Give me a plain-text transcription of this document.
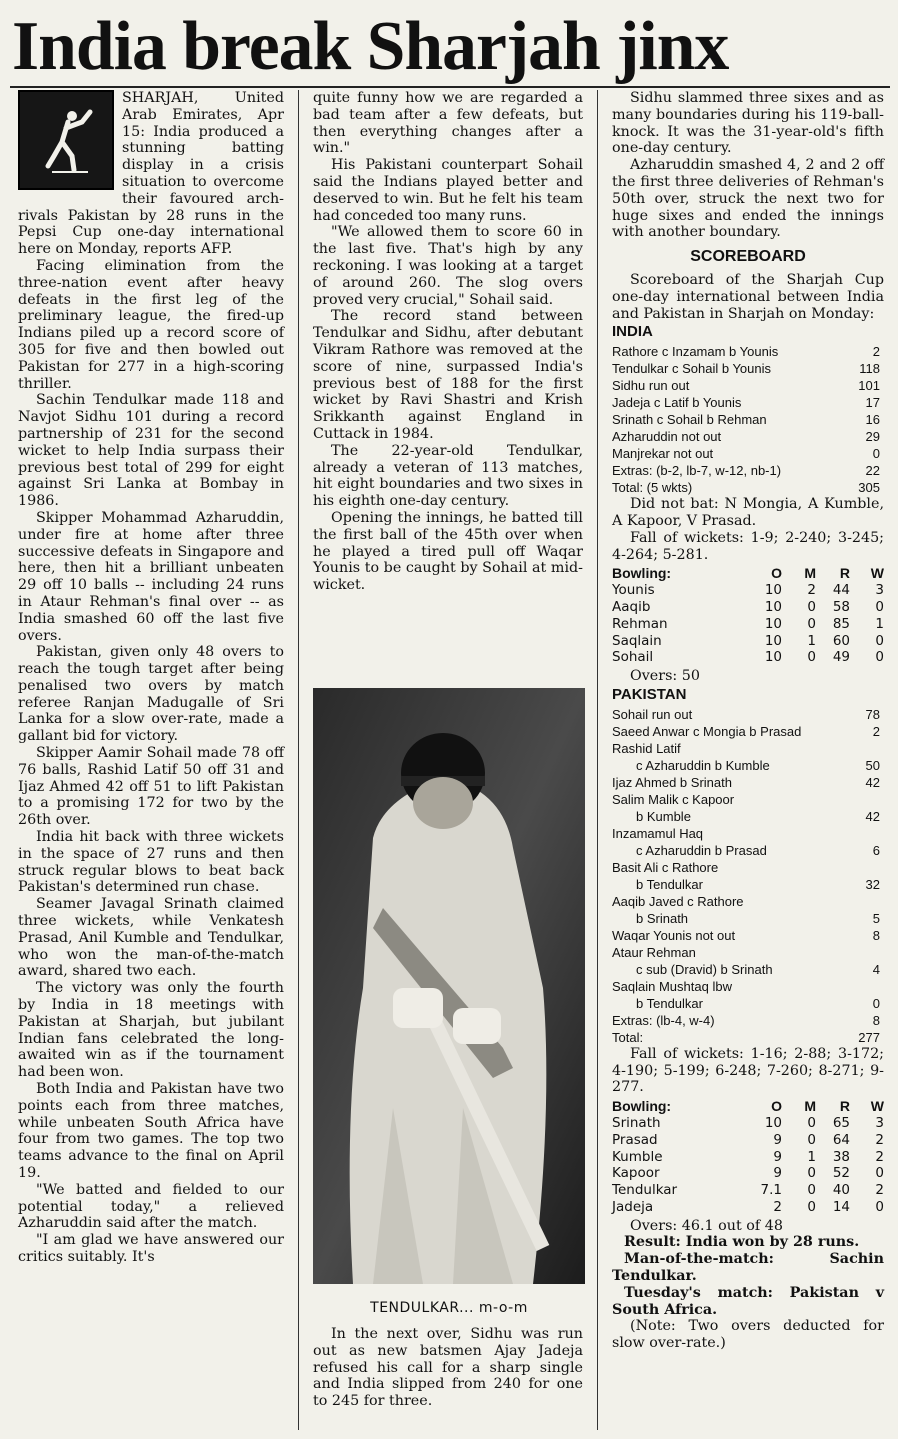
India break Sharjah jinx

SHARJAH, United Arab Emirates, Apr 15: India produced a stunning batting display in a crisis situation to overcome their favoured arch-rivals Pakistan by 28 runs in the Pepsi Cup one-day international here on Monday, reports AFP.

Facing elimination from the three-nation event after heavy defeats in the first leg of the preliminary league, the fired-up Indians piled up a record score of 305 for five and then bowled out Pakistan for 277 in a high-scoring thriller.

Sachin Tendulkar made 118 and Navjot Sidhu 101 during a record partnership of 231 for the second wicket to help India surpass their previous best total of 299 for eight against Sri Lanka at Bombay in 1986.

Skipper Mohammad Azharuddin, under fire at home after three successive defeats in Singapore and here, then hit a brilliant unbeaten 29 off 10 balls -- including 24 runs in Ataur Rehman's final over -- as India smashed 60 off the last five overs.

Pakistan, given only 48 overs to reach the tough target after being penalised two overs by match referee Ranjan Madugalle of Sri Lanka for a slow over-rate, made a gallant bid for victory.

Skipper Aamir Sohail made 78 off 76 balls, Rashid Latif 50 off 31 and Ijaz Ahmed 42 off 51 to lift Pakistan to a promising 172 for two by the 26th over.

India hit back with three wickets in the space of 27 runs and then struck regular blows to beat back Pakistan's determined run chase.

Seamer Javagal Srinath claimed three wickets, while Venkatesh Prasad, Anil Kumble and Tendulkar, who won the man-of-the-match award, shared two each.

The victory was only the fourth by India in 18 meetings with Pakistan at Sharjah, but jubilant Indian fans celebrated the long-awaited win as if the tournament had been won.

Both India and Pakistan have two points each from three matches, while unbeaten South Africa have four from two games. The top two teams advance to the final on April 19.

"We batted and fielded to our potential today," a relieved Azharuddin said after the match.

"I am glad we have answered our critics suitably. It's

quite funny how we are regarded a bad team after a few defeats, but then everything changes after a win."

His Pakistani counterpart Sohail said the Indians played better and deserved to win. But he felt his team had conceded too many runs.

"We allowed them to score 60 in the last five. That's high by any reckoning. I was looking at a target of around 260. The slog overs proved very crucial," Sohail said.

The record stand between Tendulkar and Sidhu, after debutant Vikram Rathore was removed at the score of nine, surpassed India's previous best of 188 for the first wicket by Ravi Shastri and Krish Srikkanth against England in Cuttack in 1984.

The 22-year-old Tendulkar, already a veteran of 113 matches, hit eight boundaries and two sixes in his eighth one-day century.

Opening the innings, he batted till the first ball of the 45th over when he played a tired pull off Waqar Younis to be caught by Sohail at mid-wicket.

TENDULKAR... m-o-m

In the next over, Sidhu was run out as new batsmen Ajay Jadeja refused his call for a sharp single and India slipped from 240 for one to 245 for three.

Sidhu slammed three sixes and as many boundaries during his 119-ball-knock. It was the 31-year-old's fifth one-day century.

Azharuddin smashed 4, 2 and 2 off the first three deliveries of Rehman's 50th over, struck the next two for huge sixes and ended the innings with another boundary.

SCOREBOARD

Scoreboard of the Sharjah Cup one-day international between India and Pakistan in Sharjah on Monday:

INDIA
Rathore c Inzamam b Younis	2
Tendulkar c Sohail b Younis	118
Sidhu run out	101
Jadeja c Latif b Younis	17
Srinath c Sohail b Rehman	16
Azharuddin not out	29
Manjrekar not out	0
Extras: (b-2, lb-7, w-12, nb-1)	22
Total: (5 wkts)	305

Did not bat: N Mongia, A Kumble, A Kapoor, V Prasad.

Fall of wickets: 1-9; 2-240; 3-245; 4-264; 5-281.

Bowling:	O	M	R	W
Younis	10	2	44	3
Aaqib	10	0	58	0
Rehman	10	0	85	1
Saqlain	10	1	60	0
Sohail	10	0	49	0

Overs: 50

PAKISTAN
Sohail run out	78
Saeed Anwar c Mongia b Prasad	2
Rashid Latif
c Azharuddin b Kumble	50
Ijaz Ahmed b Srinath	42
Salim Malik c Kapoor
b Kumble	42
Inzamamul Haq
c Azharuddin b Prasad	6
Basit Ali c Rathore
b Tendulkar	32
Aaqib Javed c Rathore
b Srinath	5
Waqar Younis not out	8
Ataur Rehman
c sub (Dravid) b Srinath	4
Saqlain Mushtaq lbw
b Tendulkar	0
Extras: (lb-4, w-4)	8
Total:	277

Fall of wickets: 1-16; 2-88; 3-172; 4-190; 5-199; 6-248; 7-260; 8-271; 9-277.

Bowling:	O	M	R	W
Srinath	10	0	65	3
Prasad	9	0	64	2
Kumble	9	1	38	2
Kapoor	9	0	52	0
Tendulkar	7.1	0	40	2
Jadeja	2	0	14	0

Overs: 46.1 out of 48

Result: India won by 28 runs.

Man-of-the-match: Sachin Tendulkar.

Tuesday's match: Pakistan v South Africa.

(Note: Two overs deducted for slow over-rate.)
